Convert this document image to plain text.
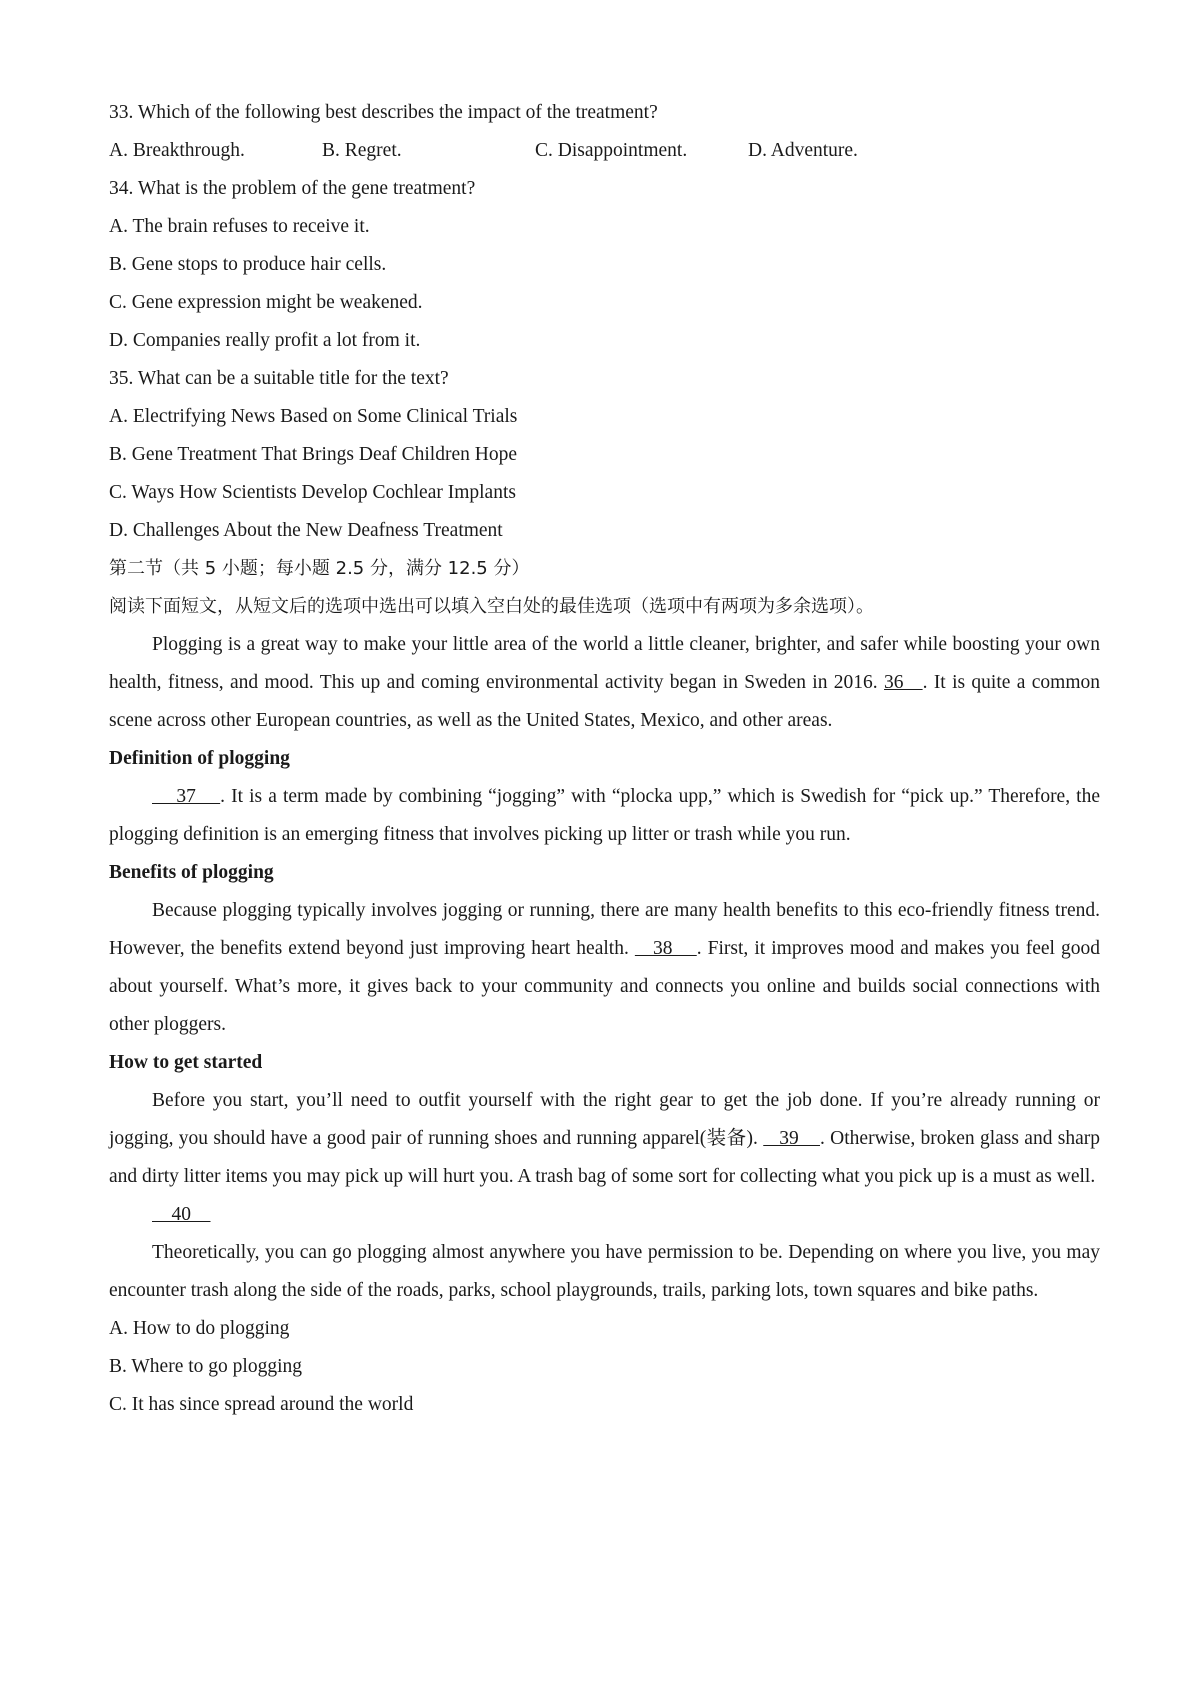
33. Which of the following best describes the impact of the treatment?
A. Breakthrough.	B. Regret.	C. Disappointment.	D. Adventure.
34. What is the problem of the gene treatment?
A. The brain refuses to receive it.
B. Gene stops to produce hair cells.
C. Gene expression might be weakened.
D. Companies really profit a lot from it.
35. What can be a suitable title for the text?
A. Electrifying News Based on Some Clinical Trials
B. Gene Treatment That Brings Deaf Children Hope
C. Ways How Scientists Develop Cochlear Implants
D. Challenges About the New Deafness Treatment
第二节（共 5 小题；每小题 2.5 分，满分 12.5 分）
阅读下面短文，从短文后的选项中选出可以填入空白处的最佳选项（选项中有两项为多余选项）。
Plogging is a great way to make your little area of the world a little cleaner, brighter, and safer while boosting your own health, fitness, and mood. This up and coming environmental activity began in Sweden in 2016. 36   . It is quite a common scene across other European countries, as well as the United States, Mexico, and other areas.
Definition of plogging
37    . It is a term made by combining “jogging” with “plocka upp,” which is Swedish for “pick up.” Therefore, the plogging definition is an emerging fitness that involves picking up litter or trash while you run.
Benefits of plogging
Because plogging typically involves jogging or running, there are many health benefits to this eco-friendly fitness trend. However, the benefits extend beyond just improving heart health.    38    . First, it improves mood and makes you feel good about yourself. What’s more, it gives back to your community and connects you online and builds social connections with other ploggers.
How to get started
Before you start, you’ll need to outfit yourself with the right gear to get the job done. If you’re already running or jogging, you should have a good pair of running shoes and running apparel(装备).    39    . Otherwise, broken glass and sharp and dirty litter items you may pick up will hurt you. A trash bag of some sort for collecting what you pick up is a must as well.
40
Theoretically, you can go plogging almost anywhere you have permission to be. Depending on where you live, you may encounter trash along the side of the roads, parks, school playgrounds, trails, parking lots, town squares and bike paths.
A. How to do plogging
B. Where to go plogging
C. It has since spread around the world
